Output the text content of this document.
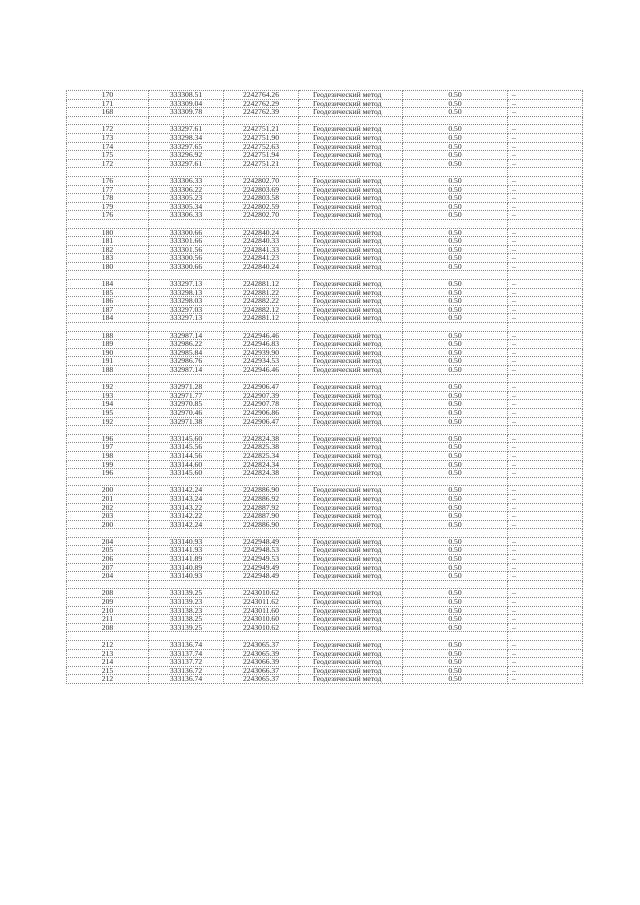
170	333308.51	2242764.26	Геодезический метод	0.50	–
171	333309.04	2242762.29	Геодезический метод	0.50	–
168	333309.78	2242762.39	Геодезический метод	0.50	–

172	333297.61	2242751.21	Геодезический метод	0.50	–
173	333298.34	2242751.90	Геодезический метод	0.50	–
174	333297.65	2242752.63	Геодезический метод	0.50	–
175	333296.92	2242751.94	Геодезический метод	0.50	–
172	333297.61	2242751.21	Геодезический метод	0.50	–

176	333306.33	2242802.70	Геодезический метод	0.50	–
177	333306.22	2242803.69	Геодезический метод	0.50	–
178	333305.23	2242803.58	Геодезический метод	0.50	–
179	333305.34	2242802.59	Геодезический метод	0.50	–
176	333306.33	2242802.70	Геодезический метод	0.50	–

180	333300.66	2242840.24	Геодезический метод	0.50	–
181	333301.66	2242840.33	Геодезический метод	0.50	–
182	333301.56	2242841.33	Геодезический метод	0.50	–
183	333300.56	2242841.23	Геодезический метод	0.50	–
180	333300.66	2242840.24	Геодезический метод	0.50	–

184	333297.13	2242881.12	Геодезический метод	0.50	–
185	333298.13	2242881.22	Геодезический метод	0.50	–
186	333298.03	2242882.22	Геодезический метод	0.50	–
187	333297.03	2242882.12	Геодезический метод	0.50	–
184	333297.13	2242881.12	Геодезический метод	0.50	–

188	332987.14	2242946.46	Геодезический метод	0.50	–
189	332986.22	2242946.83	Геодезический метод	0.50	–
190	332985.84	2242939.90	Геодезический метод	0.50	–
191	332986.76	2242934.53	Геодезический метод	0.50	–
188	332987.14	2242946.46	Геодезический метод	0.50	–

192	332971.28	2242906.47	Геодезический метод	0.50	–
193	332971.77	2242907.39	Геодезический метод	0.50	–
194	332970.85	2242907.78	Геодезический метод	0.50	–
195	332970.46	2242906.86	Геодезический метод	0.50	–
192	332971.38	2242906.47	Геодезический метод	0.50	–

196	333145.60	2242824.38	Геодезический метод	0.50	–
197	333145.56	2242825.38	Геодезический метод	0.50	–
198	333144.56	2242825.34	Геодезический метод	0.50	–
199	333144.60	2242824.34	Геодезический метод	0.50	–
196	333145.60	2242824.38	Геодезический метод	0.50	–

200	333142.24	2242886.90	Геодезический метод	0.50	–
201	333143.24	2242886.92	Геодезический метод	0.50	–
202	333143.22	2242887.92	Геодезический метод	0.50	–
203	333142.22	2242887.90	Геодезический метод	0.50	–
200	333142.24	2242886.90	Геодезический метод	0.50	–

204	333140.93	2242948.49	Геодезический метод	0.50	–
205	333141.93	2242948.53	Геодезический метод	0.50	–
206	333141.89	2242949.53	Геодезический метод	0.50	–
207	333140.89	2242949.49	Геодезический метод	0.50	–
204	333140.93	2242948.49	Геодезический метод	0.50	–

208	333139.25	2243010.62	Геодезический метод	0.50	–
209	333139.23	2243011.62	Геодезический метод	0.50	–
210	333138.23	2243011.60	Геодезический метод	0.50	–
211	333138.25	2243010.60	Геодезический метод	0.50	–
208	333139.25	2243010.62	Геодезический метод	0.50	–

212	333136.74	2243065.37	Геодезический метод	0.50	–
213	333137.74	2243065.39	Геодезический метод	0.50	–
214	333137.72	2243066.39	Геодезический метод	0.50	–
215	333136.72	2243066.37	Геодезический метод	0.50	–
212	333136.74	2243065.37	Геодезический метод	0.50	–
